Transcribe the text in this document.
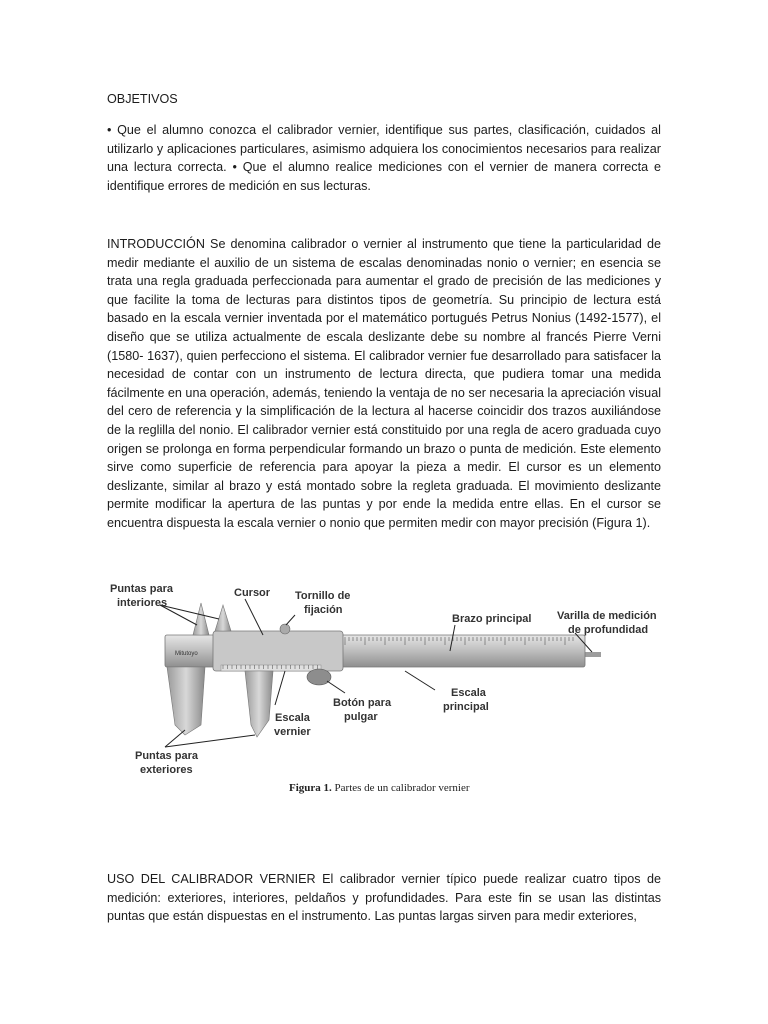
OBJETIVOS

• Que el alumno conozca el calibrador vernier, identifique sus partes, clasificación, cuidados al utilizarlo y aplicaciones particulares, asimismo adquiera los conocimientos necesarios para realizar una lectura correcta. • Que el alumno realice mediciones con el vernier de manera correcta e identifique errores de medición en sus lecturas.

INTRODUCCIÓN Se denomina calibrador o vernier al instrumento que tiene la particularidad de medir mediante el auxilio de un sistema de escalas denominadas nonio o vernier; en esencia se trata una regla graduada perfeccionada para aumentar el grado de precisión de las mediciones y que facilite la toma de lecturas para distintos tipos de geometría. Su principio de lectura está basado en la escala vernier inventada por el matemático portugués Petrus Nonius (1492-1577), el diseño que se utiliza actualmente de escala deslizante debe su nombre al francés Pierre Verni (1580- 1637), quien perfecciono el sistema. El calibrador vernier fue desarrollado para satisfacer la necesidad de contar con un instrumento de lectura directa, que pudiera tomar una medida fácilmente en una operación, además, teniendo la ventaja de no ser necesaria la apreciación visual del cero de referencia y la simplificación de la lectura al hacerse coincidir dos trazos auxiliándose de la reglilla del nonio. El calibrador vernier está constituido por una regla de acero graduada cuyo origen se prolonga en forma perpendicular formando un brazo o punta de medición. Este elemento sirve como superficie de referencia para apoyar la pieza a medir. El cursor es un elemento deslizante, similar al brazo y está montado sobre la regleta graduada. El movimiento deslizante permite modificar la apertura de las puntas y por ende la medida entre ellas. En el cursor se encuentra dispuesta la escala vernier o nonio que permiten medir con mayor precisión (Figura 1).

Mitutoyo
Puntas para
interiores
Cursor Tornillo de
fijación
Brazo principal Varilla de medición
de profundidad
Escala
principal
Botón para
pulgar
Escala
vernier
Puntas para
exteriores
Figura 1. Partes de un calibrador vernier

USO DEL CALIBRADOR VERNIER El calibrador vernier típico puede realizar cuatro tipos de medición: exteriores, interiores, peldaños y profundidades. Para este fin se usan las distintas puntas que están dispuestas en el instrumento. Las puntas largas sirven para medir exteriores,
